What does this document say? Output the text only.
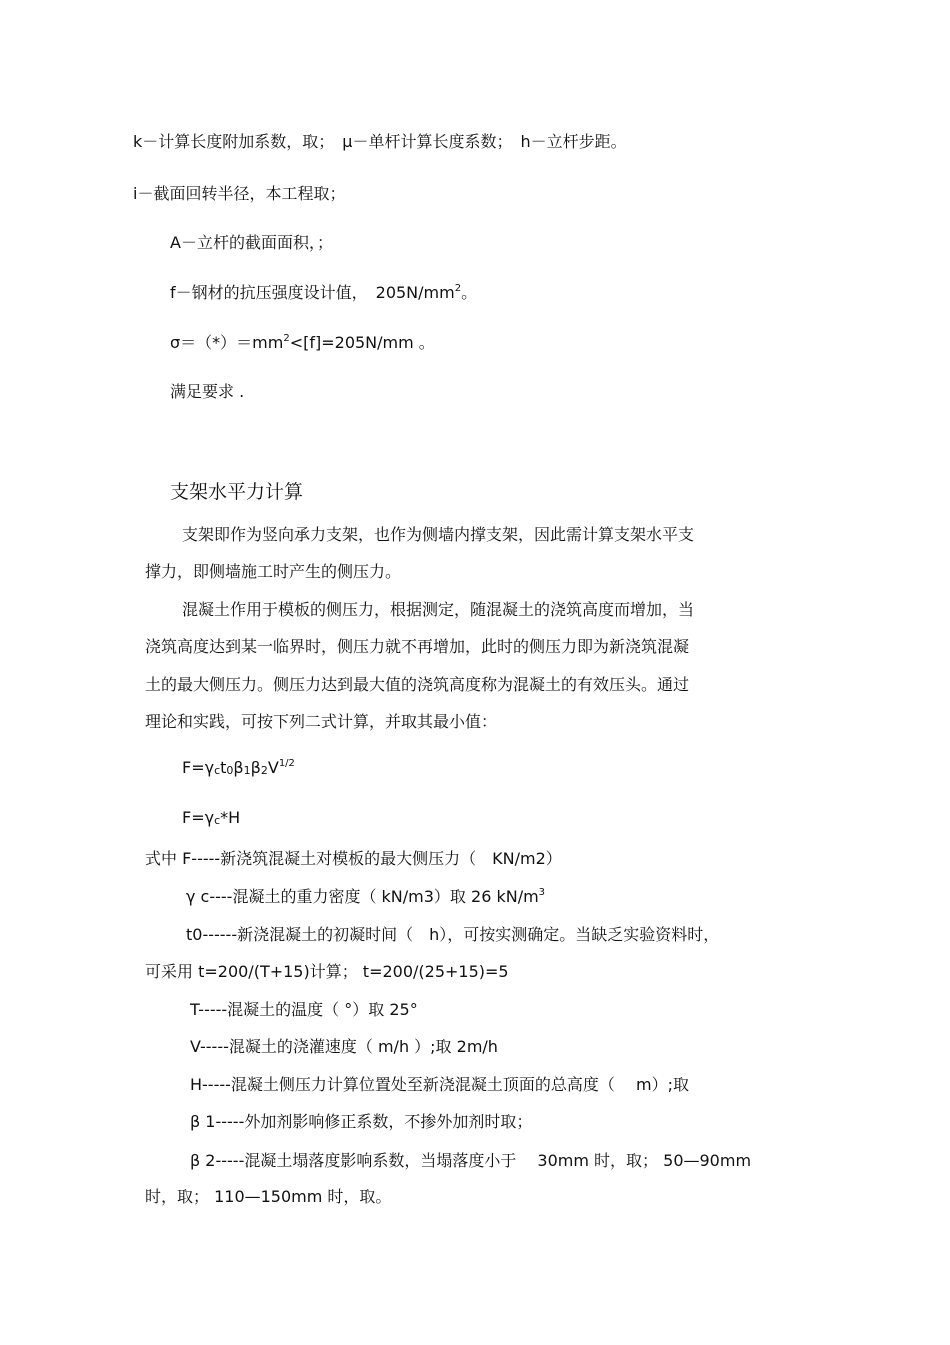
k－计算长度附加系数，取；　μ－单杆计算长度系数；　h－立杆步距。
i－截面回转半径，本工程取；
A－立杆的截面面积，；
f－钢材的抗压强度设计值，　$205N/mm^2$。
$\sigma=(*)=mm^2<[f]=205N/mm$ 。
满足要求 .
支架水平力计算
支架即作为竖向承力支架，也作为侧墙内撑支架，因此需计算支架水平支
撑力，即侧墙施工时产生的侧压力。
混凝土作用于模板的侧压力，根据测定，随混凝土的浇筑高度而增加，当
浇筑高度达到某一临界时，侧压力就不再增加，此时的侧压力即为新浇筑混凝
土的最大侧压力。侧压力达到最大值的浇筑高度称为混凝土的有效压头。通过
理论和实践，可按下列二式计算，并取其最小值：
$F=\gamma ct0\beta 1\beta 2V^{1/2}$
F=γc*H
式中 F-----新浇筑混凝土对模板的最大侧压力（　KN/m2）
γ c----混凝土的重力密度（ kN/m3）取 26 $kN/m^3$
t0------新浇混凝土的初凝时间（　h），可按实测确定。当缺乏实验资料时，
可采用 t=200/(T+15)计算； t=200/(25+15)=5
T-----混凝土的温度（ °）取 25°
V-----混凝土的浇灌速度（ m/h ）;取 2m/h
H-----混凝土侧压力计算位置处至新浇混凝土顶面的总高度（　 m）;取
β 1-----外加剂影响修正系数，不掺外加剂时取；
β 2-----混凝土塌落度影响系数，当塌落度小于　 30mm 时，取； 50—90mm
时，取； 110—150mm 时，取。
